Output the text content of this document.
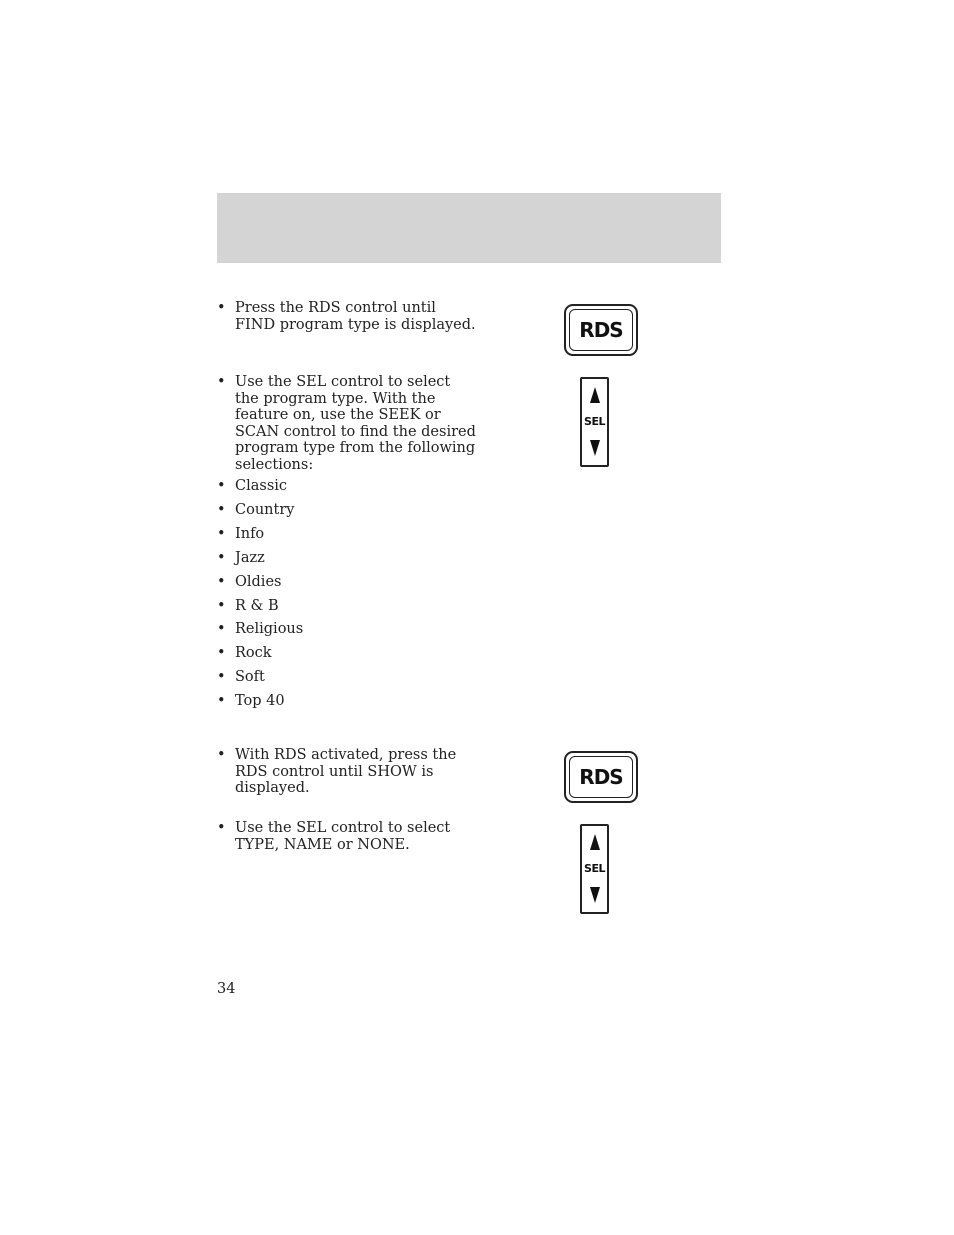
• Press the RDS control until FIND program type is displayed.	RDS
• Use the SEL control to select the program type. With the feature on, use the SEEK or SCAN control to find the desired program type from the following selections:
SEL
• Classic
• Country
• Info
• Jazz
• Oldies
• R & B
• Religious
• Rock
• Soft
• Top 40
• With RDS activated, press the RDS control until SHOW is displayed.	RDS
• Use the SEL control to select TYPE, NAME or NONE.
SEL
34
